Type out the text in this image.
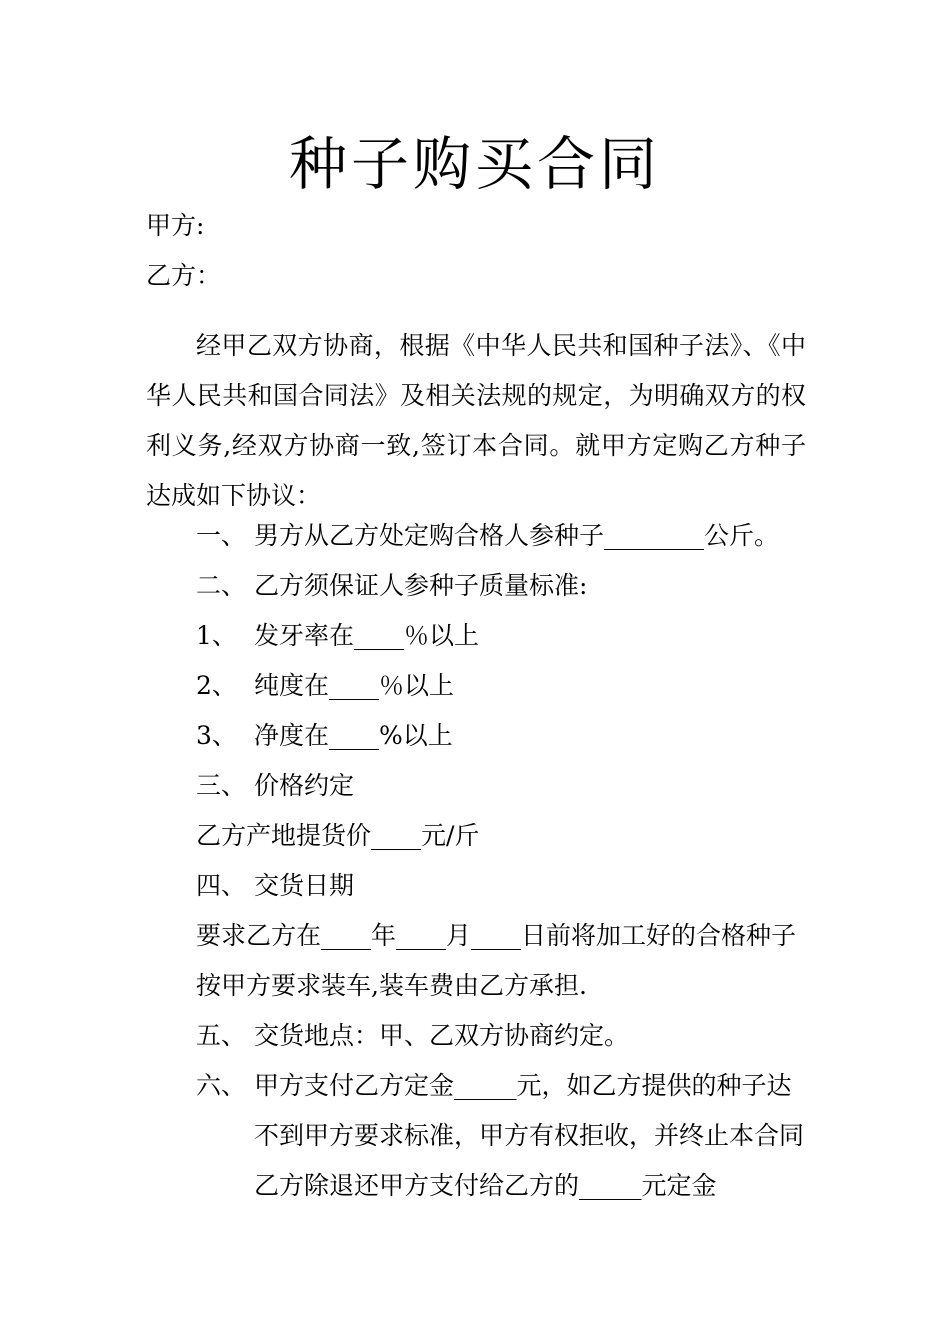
种子购买合同
甲方:
乙方：
经甲乙双方协商，根据《中华人民共和国种子法》、《中华人民共和国合同法》及相关法规的规定，为明确双方的权利义务,经双方协商一致,签订本合同。就甲方定购乙方种子达成如下协议：
一、 男方从乙方处定购合格人参种子________公斤。
二、 乙方须保证人参种子质量标准:
1、 发牙率在____％以上
2、 纯度在____％以上
3、 净度在____%以上
三、 价格约定
乙方产地提货价____元/斤
四、 交货日期
要求乙方在____年____月____日前将加工好的合格种子
按甲方要求装车,装车费由乙方承担.
五、 交货地点：甲、乙双方协商约定。
六、 甲方支付乙方定金_____元，如乙方提供的种子达不到甲方要求标准，甲方有权拒收，并终止本合同乙方除退还甲方支付给乙方的_____元定金
